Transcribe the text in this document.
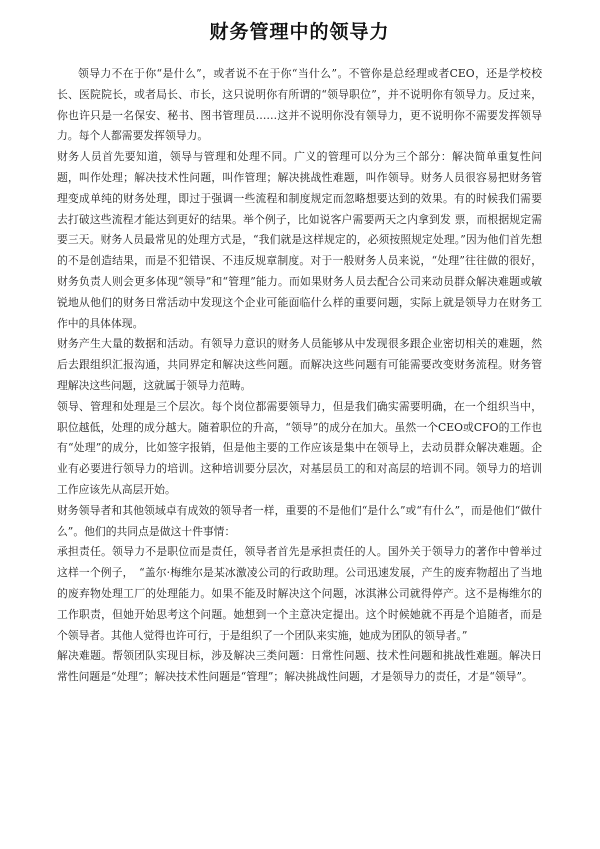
财务管理中的领导力

领导力不在于你“是什么”，或者说不在于你“当什么”。不管你是总经理或者CEO，还是学校校长、医院院长，或者局长、市长，这只说明你有所谓的“领导职位”，并不说明你有领导力。反过来，你也许只是一名保安、秘书、图书管理员……这并不说明你没有领导力，更不说明你不需要发挥领导力。每个人都需要发挥领导力。

财务人员首先要知道，领导与管理和处理不同。广义的管理可以分为三个部分：解决简单重复性问题，叫作处理；解决技术性问题，叫作管理；解决挑战性难题，叫作领导。财务人员很容易把财务管理变成单纯的财务处理，即过于强调一些流程和制度规定而忽略想要达到的效果。有的时候我们需要去打破这些流程才能达到更好的结果。举个例子，比如说客户需要两天之内拿到发 票，而根据规定需要三天。财务人员最常见的处理方式是，“我们就是这样规定的，必须按照规定处理。”因为他们首先想的不是创造结果，而是不犯错误、不违反规章制度。对于一般财务人员来说，“处理”往往做的很好，财务负责人则会更多体现“领导”和“管理”能力。而如果财务人员去配合公司来动员群众解决难题或敏锐地从他们的财务日常活动中发现这个企业可能面临什么样的重要问题，实际上就是领导力在财务工作中的具体体现。

财务产生大量的数据和活动。有领导力意识的财务人员能够从中发现很多跟企业密切相关的难题，然后去跟组织汇报沟通，共同界定和解决这些问题。而解决这些问题有可能需要改变财务流程。财务管理解决这些问题，这就属于领导力范畴。

领导、管理和处理是三个层次。每个岗位都需要领导力，但是我们确实需要明确，在一个组织当中，职位越低，处理的成分越大。随着职位的升高，“领导”的成分在加大。虽然一个CEO或CFO的工作也有“处理”的成分，比如签字报销，但是他主要的工作应该是集中在领导上，去动员群众解决难题。企业有必要进行领导力的培训。这种培训要分层次，对基层员工的和对高层的培训不同。领导力的培训工作应该先从高层开始。

财务领导者和其他领域卓有成效的领导者一样，重要的不是他们“是什么”或“有什么”，而是他们“做什么”。他们的共同点是做这十件事情：

承担责任。领导力不是职位而是责任，领导者首先是承担责任的人。国外关于领导力的著作中曾举过这样一个例子，　“盖尔·梅维尔是某冰激凌公司的行政助理。公司迅速发展，产生的废弃物超出了当地的废弃物处理工厂的处理能力。如果不能及时解决这个问题，冰淇淋公司就得停产。这不是梅维尔的工作职责，但她开始思考这个问题。她想到一个主意决定提出。这个时候她就不再是个追随者，而是个领导者。其他人觉得也许可行，于是组织了一个团队来实施，她成为团队的领导者。”

解决难题。帮领团队实现目标，涉及解决三类问题：日常性问题、技术性问题和挑战性难题。解决日常性问题是“处理”；解决技术性问题是“管理”；解决挑战性问题，才是领导力的责任，才是“领导”。
